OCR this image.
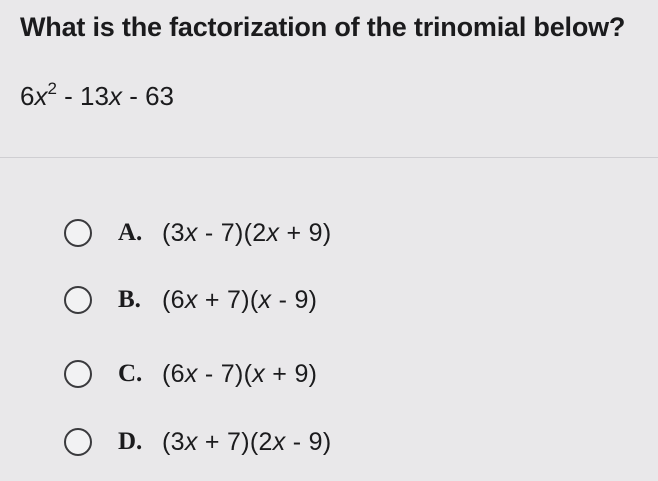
What is the factorization of the trinomial below?
$6x^2 - 13x - 63$
A. (3x - 7)(2x + 9)
B. (6x + 7)(x - 9)
C. (6x - 7)(x + 9)
D. (3x + 7)(2x - 9)
